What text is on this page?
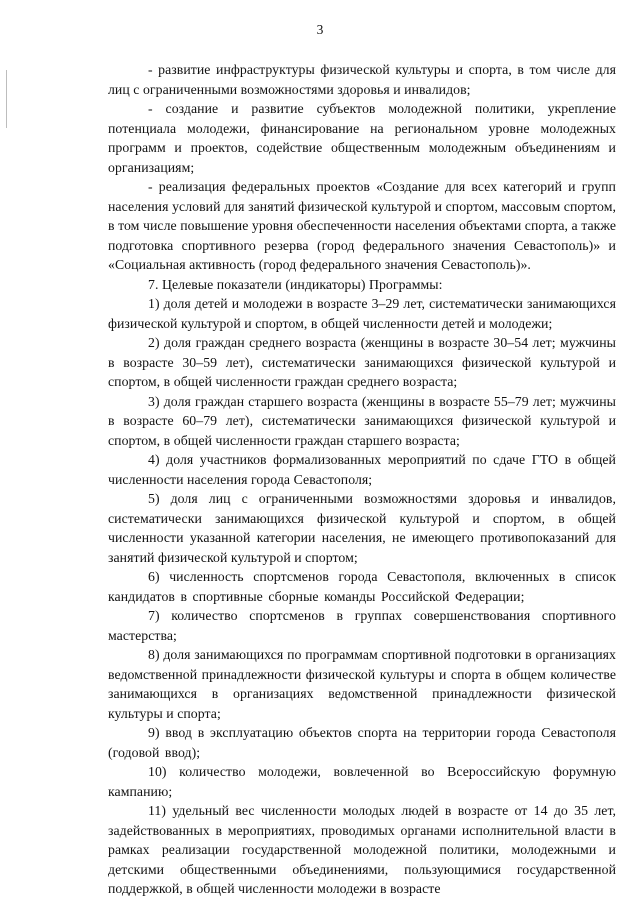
3

- развитие инфраструктуры физической культуры и спорта, в том числе для лиц с ограниченными возможностями здоровья и инвалидов;

- создание и развитие субъектов молодежной политики, укрепление потенциала молодежи, финансирование на региональном уровне молодежных программ и проектов, содействие общественным молодежным объединениям и организациям;

- реализация федеральных проектов «Создание для всех категорий и групп населения условий для занятий физической культурой и спортом, массовым спортом, в том числе повышение уровня обеспеченности населения объектами спорта, а также подготовка спортивного резерва (город федерального значения Севастополь)» и «Социальная активность (город федерального значения Севастополь)».

7. Целевые показатели (индикаторы) Программы:

1) доля детей и молодежи в возрасте 3–29 лет, систематически занимающихся физической культурой и спортом, в общей численности детей и молодежи;

2) доля граждан среднего возраста (женщины в возрасте 30–54 лет; мужчины в возрасте 30–59 лет), систематически занимающихся физической культурой и спортом, в общей численности граждан среднего возраста;

3) доля граждан старшего возраста (женщины в возрасте 55–79 лет; мужчины в возрасте 60–79 лет), систематически занимающихся физической культурой и спортом, в общей численности граждан старшего возраста;

4) доля участников формализованных мероприятий по сдаче ГТО в общей численности населения города Севастополя;

5) доля лиц с ограниченными возможностями здоровья и инвалидов, систематически занимающихся физической культурой и спортом, в общей численности указанной категории населения, не имеющего противопоказаний для занятий физической культурой и спортом;

6) численность спортсменов города Севастополя, включенных в список кандидатов в спортивные сборные команды Российской Федерации;

7) количество спортсменов в группах совершенствования спортивного мастерства;

8) доля занимающихся по программам спортивной подготовки в организациях ведомственной принадлежности физической культуры и спорта в общем количестве занимающихся в организациях ведомственной принадлежности физической культуры и спорта;

9) ввод в эксплуатацию объектов спорта на территории города Севастополя (годовой ввод);

10) количество молодежи, вовлеченной во Всероссийскую форумную кампанию;

11) удельный вес численности молодых людей в возрасте от 14 до 35 лет, задействованных в мероприятиях, проводимых органами исполнительной власти в рамках реализации государственной молодежной политики, молодежными и детскими общественными объединениями, пользующимися государственной поддержкой, в общей численности молодежи в возрасте
